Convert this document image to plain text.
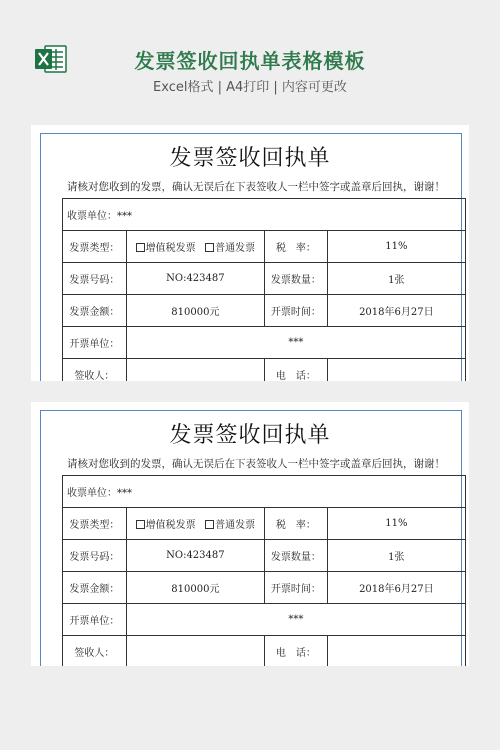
发票签收回执单表格模板
Excel格式 | A4打印 | 内容可更改
发票签收回执单
请核对您收到的发票，确认无误后在下表签收人一栏中签字或盖章后回执，谢谢！
收票单位：***			
发票类型：	增值税发票 普通发票	税　率：	11%
发票号码：	NO:423487	发票数量：	1张
发票金额：	810000元	开票时间：	2018年6月27日
开票单位：	***		
签收人：		电　话：	
发票签收回执单
请核对您收到的发票，确认无误后在下表签收人一栏中签字或盖章后回执，谢谢！
收票单位：***			
发票类型：	增值税发票 普通发票	税　率：	11%
发票号码：	NO:423487	发票数量：	1张
发票金额：	810000元	开票时间：	2018年6月27日
开票单位：	***		
签收人：		电　话：	
